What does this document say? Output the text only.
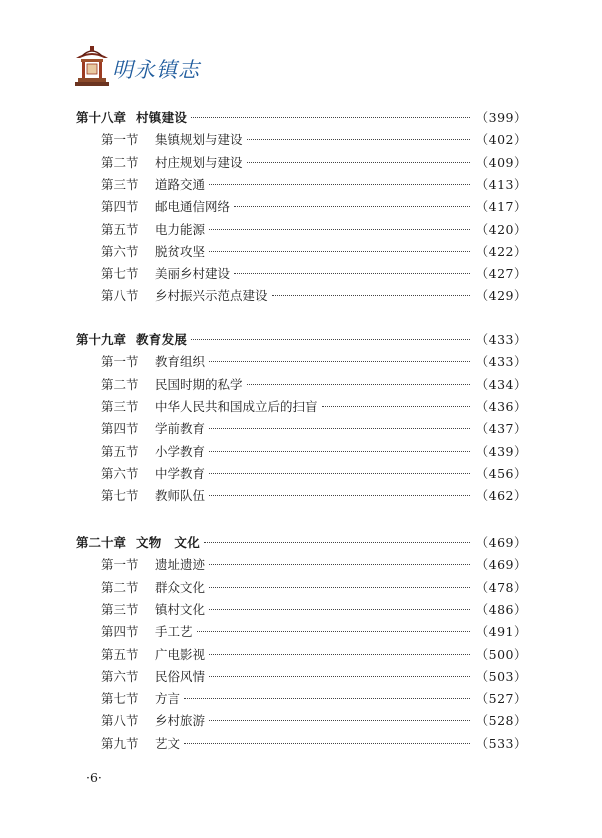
明永镇志
第十八章 村镇建设	（399）
第一节	集镇规划与建设	（402）
第二节	村庄规划与建设	（409）
第三节	道路交通	（413）
第四节	邮电通信网络	（417）
第五节	电力能源	（420）
第六节	脱贫攻坚	（422）
第七节	美丽乡村建设	（427）
第八节	乡村振兴示范点建设	（429）
第十九章 教育发展	（433）
第一节	教育组织	（433）
第二节	民国时期的私学	（434）
第三节	中华人民共和国成立后的扫盲	（436）
第四节	学前教育	（437）
第五节	小学教育	（439）
第六节	中学教育	（456）
第七节	教师队伍	（462）
第二十章 文物　文化	（469）
第一节	遗址遗迹	（469）
第二节	群众文化	（478）
第三节	镇村文化	（486）
第四节	手工艺	（491）
第五节	广电影视	（500）
第六节	民俗风情	（503）
第七节	方言	（527）
第八节	乡村旅游	（528）
第九节	艺文	（533）
·6·
